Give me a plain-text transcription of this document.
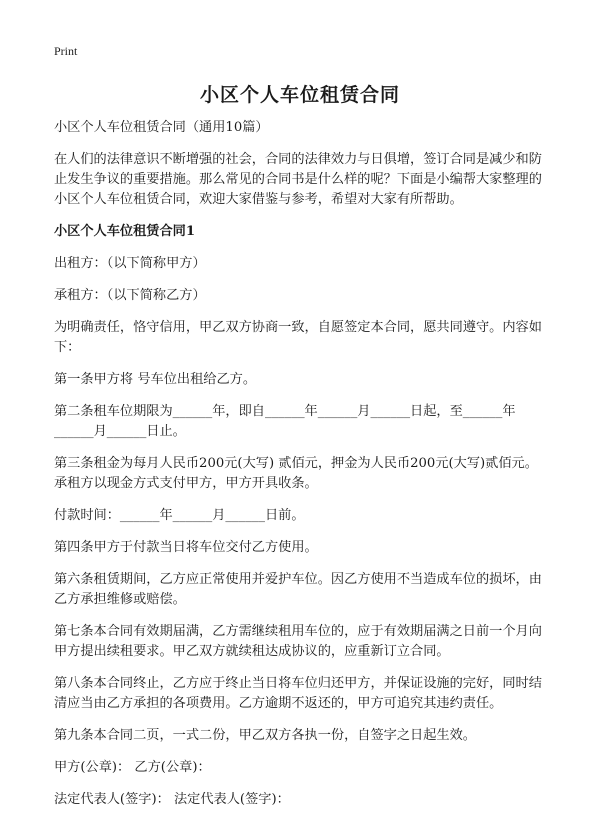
Print
小区个人车位租赁合同

小区个人车位租赁合同（通用10篇）

在人们的法律意识不断增强的社会，合同的法律效力与日俱增，签订合同是减少和防止发生争议的重要措施。那么常见的合同书是什么样的呢？下面是小编帮大家整理的小区个人车位租赁合同，欢迎大家借鉴与参考，希望对大家有所帮助。

小区个人车位租赁合同1

出租方：（以下简称甲方）

承租方：（以下简称乙方）

为明确责任，恪守信用，甲乙双方协商一致，自愿签定本合同，愿共同遵守。内容如下：

第一条甲方将 号车位出租给乙方。

第二条租车位期限为______年，即自______年______月______日起，至______年______月______日止。

第三条租金为每月人民币200元(大写) 贰佰元，押金为人民币200元(大写)贰佰元。承租方以现金方式支付甲方，甲方开具收条。

付款时间：______年______月______日前。

第四条甲方于付款当日将车位交付乙方使用。

第六条租赁期间，乙方应正常使用并爱护车位。因乙方使用不当造成车位的损坏，由乙方承担维修或赔偿。

第七条本合同有效期届满，乙方需继续租用车位的，应于有效期届满之日前一个月向甲方提出续租要求。甲乙双方就续租达成协议的，应重新订立合同。

第八条本合同终止，乙方应于终止当日将车位归还甲方，并保证设施的完好，同时结清应当由乙方承担的各项费用。乙方逾期不返还的，甲方可追究其违约责任。

第九条本合同二页，一式二份，甲乙双方各执一份，自签字之日起生效。

甲方(公章)： 乙方(公章)：

法定代表人(签字)： 法定代表人(签字)：
